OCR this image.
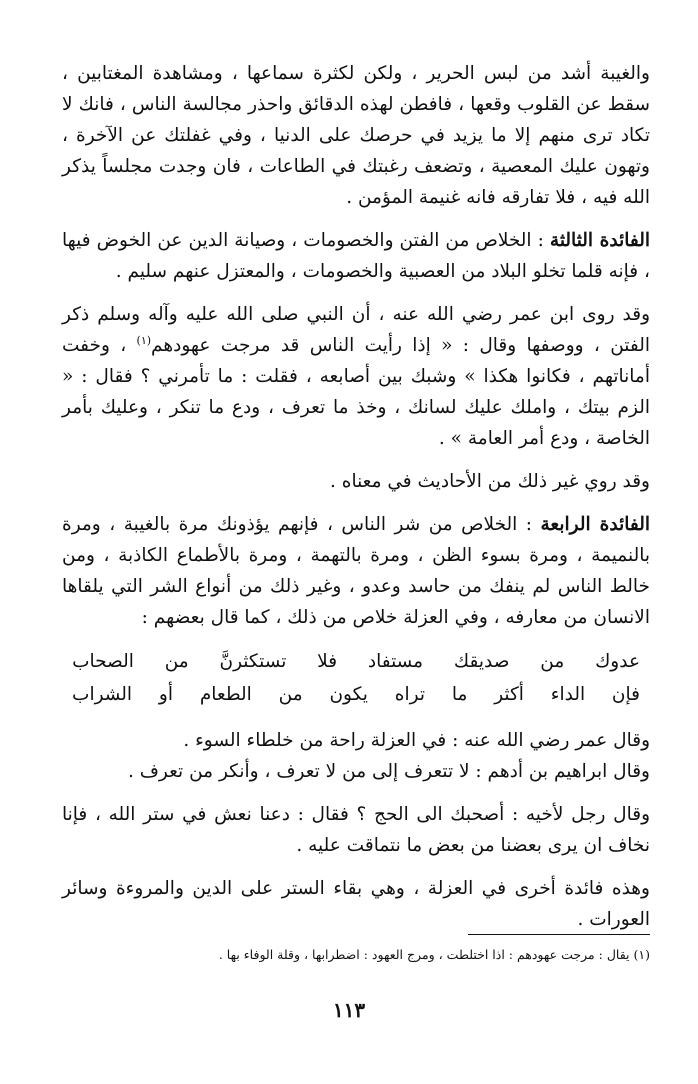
والغيبة أشد من لبس الحرير ، ولكن لكثرة سماعها ، ومشاهدة المغتابين ، سقط عن القلوب وقعها ، فافطن لهذه الدقائق واحذر مجالسة الناس ، فانك لا تكاد ترى منهم إلا ما يزيد في حرصك على الدنيا ، وفي غفلتك عن الآخرة ، وتهون عليك المعصية ، وتضعف رغبتك في الطاعات ، فان وجدت مجلساً يذكر الله فيه ، فلا تفارقه فانه غنيمة المؤمن .

الفائدة الثالثة : الخلاص من الفتن والخصومات ، وصيانة الدين عن الخوض فيها ، فإنه قلما تخلو البلاد من العصبية والخصومات ، والمعتزل عنهم سليم .

وقد روى ابن عمر رضي الله عنه ، أن النبي صلى الله عليه وآله وسلم ذكر الفتن ، ووصفها وقال : « إذا رأيت الناس قد مرجت عهودهم$^{(١)}$ ، وخفت أماناتهم ، فكانوا هكذا » وشبك بين أصابعه ، فقلت : ما تأمرني ؟ فقال : « الزم بيتك ، واملك عليك لسانك ، وخذ ما تعرف ، ودع ما تنكر ، وعليك بأمر الخاصة ، ودع أمر العامة » .

وقد روي غير ذلك من الأحاديث في معناه .

الفائدة الرابعة : الخلاص من شر الناس ، فإنهم يؤذونك مرة بالغيبة ، ومرة بالنميمة ، ومرة بسوء الظن ، ومرة بالتهمة ، ومرة بالأطماع الكاذبة ، ومن خالط الناس لم ينفك من حاسد وعدو ، وغير ذلك من أنواع الشر التي يلقاها الانسان من معارفه ، وفي العزلة خلاص من ذلك ، كما قال بعضهم :

عدوك
من
صديقك
مستفاد
فلا
تستكثرنَّ
من
الصحاب
فإن
الداء
أكثر
ما
تراه
يكون
من
الطعام
أو
الشراب

وقال عمر رضي الله عنه : في العزلة راحة من خلطاء السوء .

وقال ابراهيم بن أدهم : لا تتعرف إلى من لا تعرف ، وأنكر من تعرف .

وقال رجل لأخيه : أصحبك الى الحج ؟ فقال : دعنا نعش في ستر الله ، فإنا نخاف ان يرى بعضنا من بعض ما نتماقت عليه .

وهذه فائدة أخرى في العزلة ، وهي بقاء الستر على الدين والمروءة وسائر العورات .

(١) يقال : مرجت عهودهم : اذا اختلطت ، ومرج العهود : اضطرابها ، وقلة الوفاء بها .
١١٣
